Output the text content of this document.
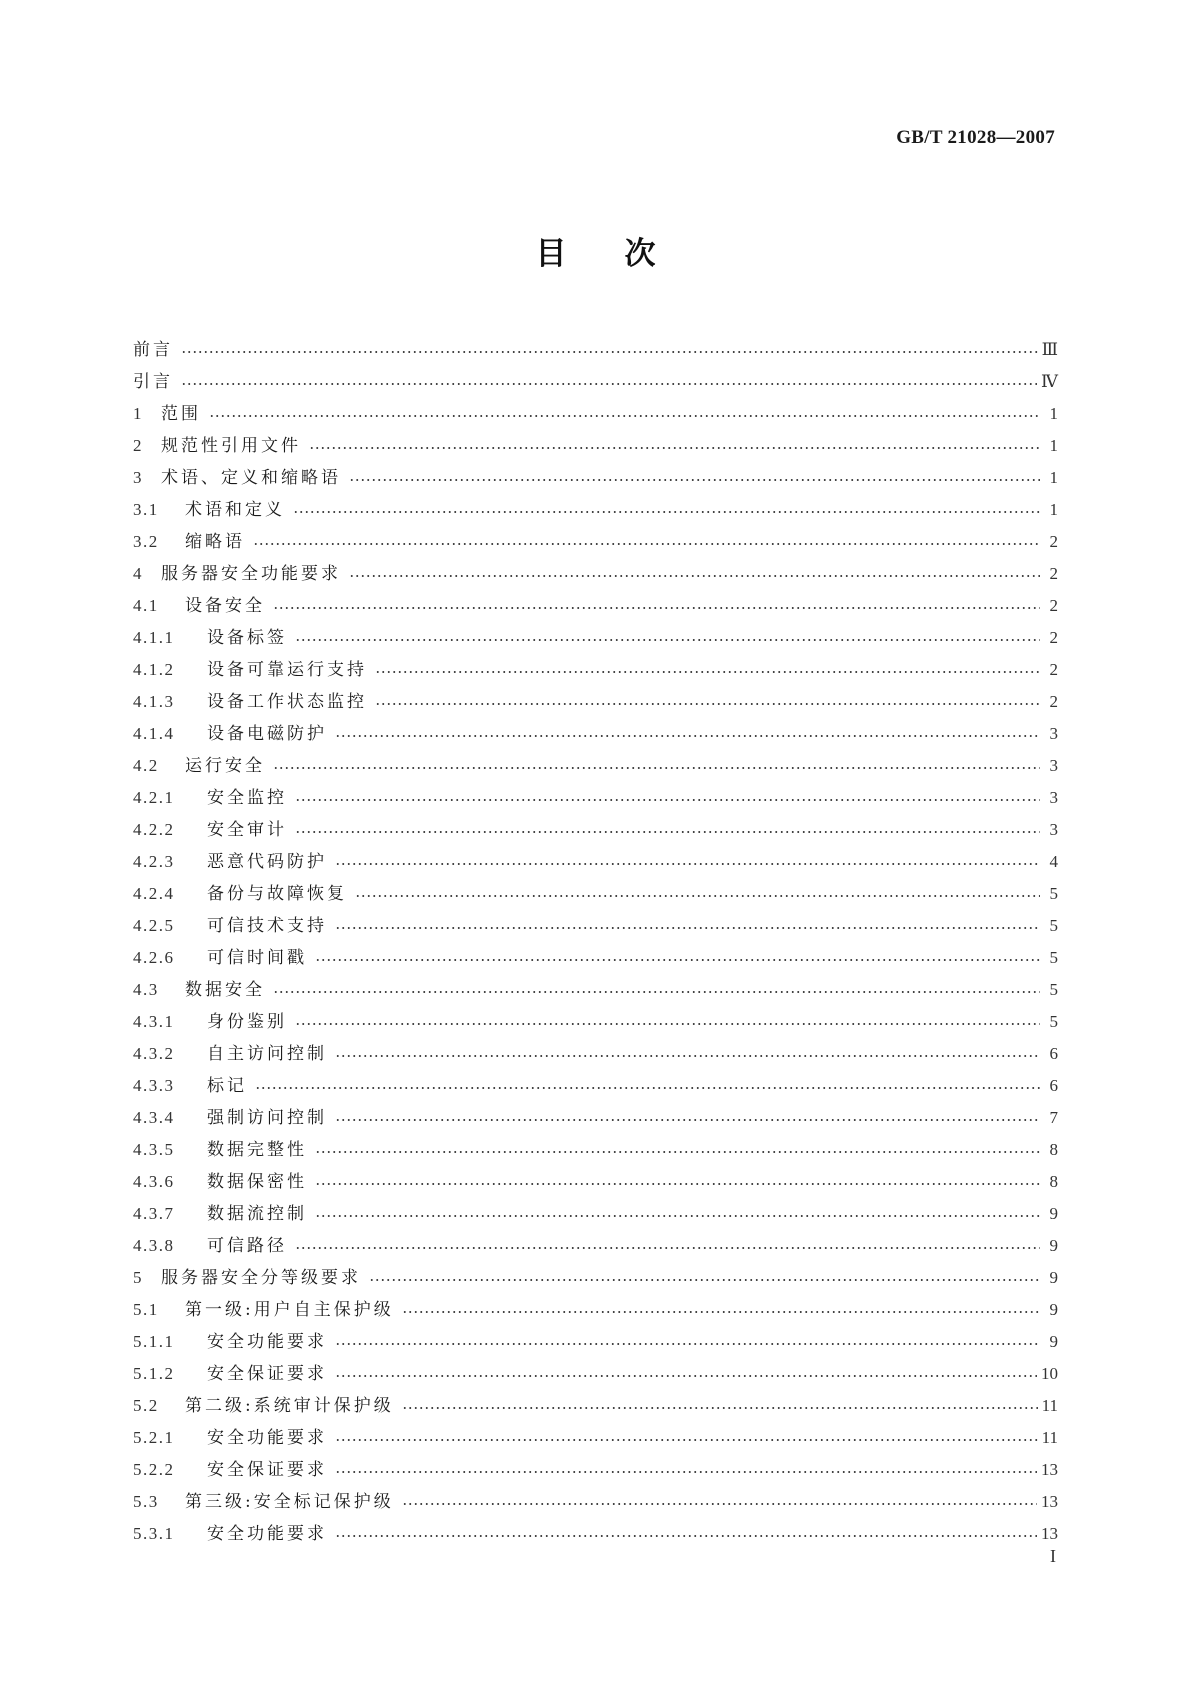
GB/T 21028—2007
目次
前言	Ⅲ
引言	Ⅳ
1	范围	1
2	规范性引用文件	1
3	术语、定义和缩略语	1
3.1	术语和定义	1
3.2	缩略语	2
4	服务器安全功能要求	2
4.1	设备安全	2
4.1.1	设备标签	2
4.1.2	设备可靠运行支持	2
4.1.3	设备工作状态监控	2
4.1.4	设备电磁防护	3
4.2	运行安全	3
4.2.1	安全监控	3
4.2.2	安全审计	3
4.2.3	恶意代码防护	4
4.2.4	备份与故障恢复	5
4.2.5	可信技术支持	5
4.2.6	可信时间戳	5
4.3	数据安全	5
4.3.1	身份鉴别	5
4.3.2	自主访问控制	6
4.3.3	标记	6
4.3.4	强制访问控制	7
4.3.5	数据完整性	8
4.3.6	数据保密性	8
4.3.7	数据流控制	9
4.3.8	可信路径	9
5	服务器安全分等级要求	9
5.1	第一级:用户自主保护级	9
5.1.1	安全功能要求	9
5.1.2	安全保证要求	10
5.2	第二级:系统审计保护级	11
5.2.1	安全功能要求	11
5.2.2	安全保证要求	13
5.3	第三级:安全标记保护级	13
5.3.1	安全功能要求	13
I
